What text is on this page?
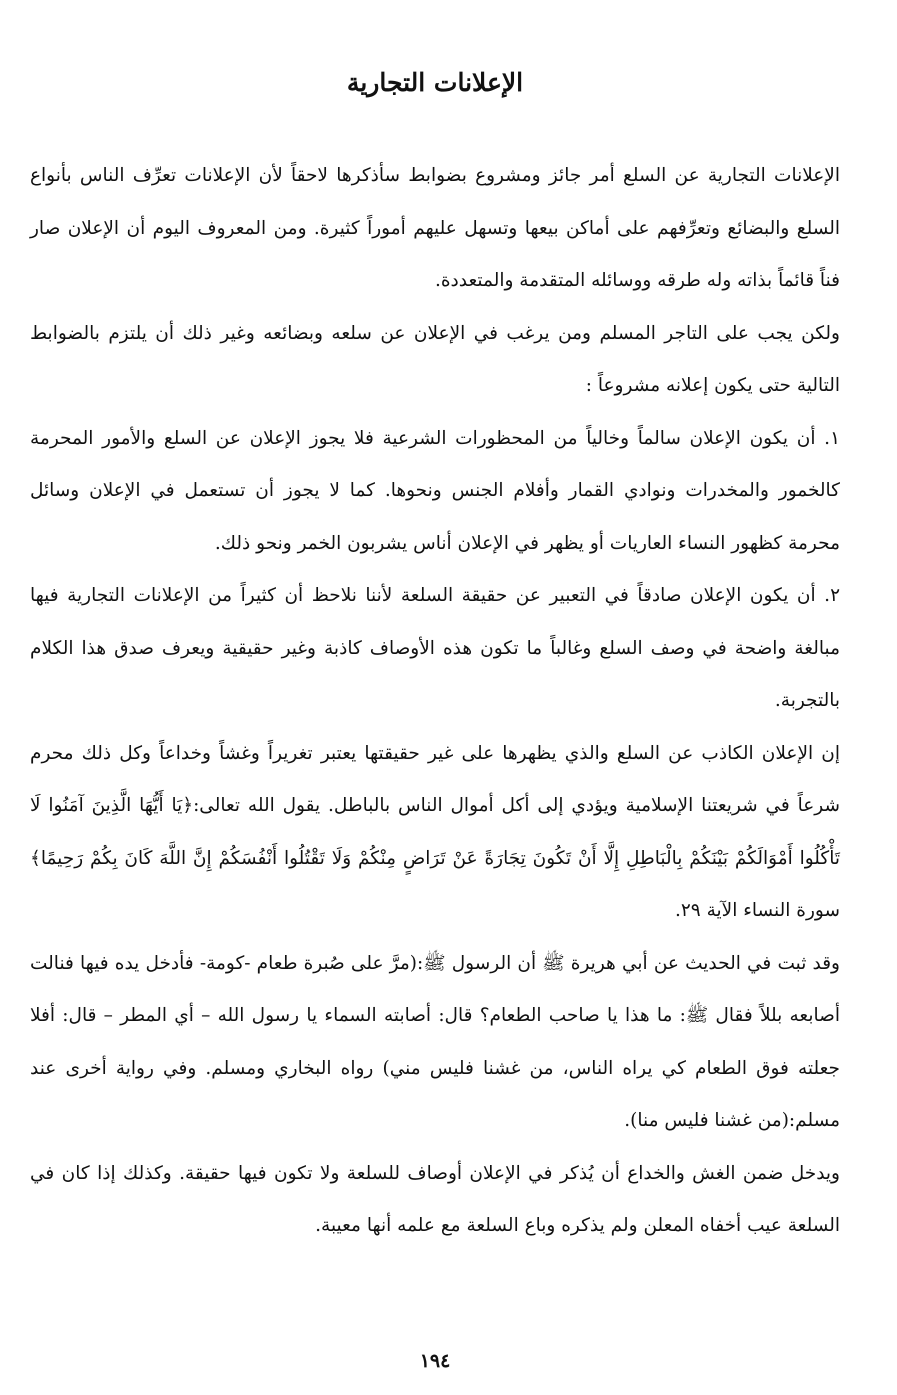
الإعلانات التجارية

الإعلانات التجارية عن السلع أمر جائز ومشروع بضوابط سأذكرها لاحقاً لأن الإعلانات تعرِّف الناس بأنواع السلع والبضائع وتعرِّفهم على أماكن بيعها وتسهل عليهم أموراً كثيرة. ومن المعروف اليوم أن الإعلان صار فناً قائماً بذاته وله طرقه ووسائله المتقدمة والمتعددة.

ولكن يجب على التاجر المسلم ومن يرغب في الإعلان عن سلعه وبضائعه وغير ذلك أن يلتزم بالضوابط التالية حتى يكون إعلانه مشروعاً :

١. أن يكون الإعلان سالماً وخالياً من المحظورات الشرعية فلا يجوز الإعلان عن السلع والأمور المحرمة كالخمور والمخدرات ونوادي القمار وأفلام الجنس ونحوها. كما لا يجوز أن تستعمل في الإعلان وسائل محرمة كظهور النساء العاريات أو يظهر في الإعلان أناس يشربون الخمر ونحو ذلك.

٢. أن يكون الإعلان صادقاً في التعبير عن حقيقة السلعة لأننا نلاحظ أن كثيراً من الإعلانات التجارية فيها مبالغة واضحة في وصف السلع وغالباً ما تكون هذه الأوصاف كاذبة وغير حقيقية ويعرف صدق هذا الكلام بالتجربة.

إن الإعلان الكاذب عن السلع والذي يظهرها على غير حقيقتها يعتبر تغريراً وغشاً وخداعاً وكل ذلك محرم شرعاً في شريعتنا الإسلامية ويؤدي إلى أكل أموال الناس بالباطل. يقول الله تعالى:﴿يَا أَيُّهَا الَّذِينَ آمَنُوا لَا تَأْكُلُوا أَمْوَالَكُمْ بَيْنَكُمْ بِالْبَاطِلِ إِلَّا أَنْ تَكُونَ تِجَارَةً عَنْ تَرَاضٍ مِنْكُمْ وَلَا تَقْتُلُوا أَنْفُسَكُمْ إِنَّ اللَّهَ كَانَ بِكُمْ رَحِيمًا﴾ سورة النساء الآية ٢٩.

وقد ثبت في الحديث عن أبي هريرة ﷺ أن الرسول ﷺ:(مرَّ على صُبرة طعام -كومة- فأدخل يده فيها فنالت أصابعه بللاً فقال ﷺ: ما هذا يا صاحب الطعام؟ قال: أصابته السماء يا رسول الله – أي المطر – قال: أفلا جعلته فوق الطعام كي يراه الناس، من غشنا فليس مني) رواه البخاري ومسلم. وفي رواية أخرى عند مسلم:(من غشنا فليس منا).

ويدخل ضمن الغش والخداع أن يُذكر في الإعلان أوصاف للسلعة ولا تكون فيها حقيقة. وكذلك إذا كان في السلعة عيب أخفاه المعلن ولم يذكره وباع السلعة مع علمه أنها معيبة.

١٩٤
